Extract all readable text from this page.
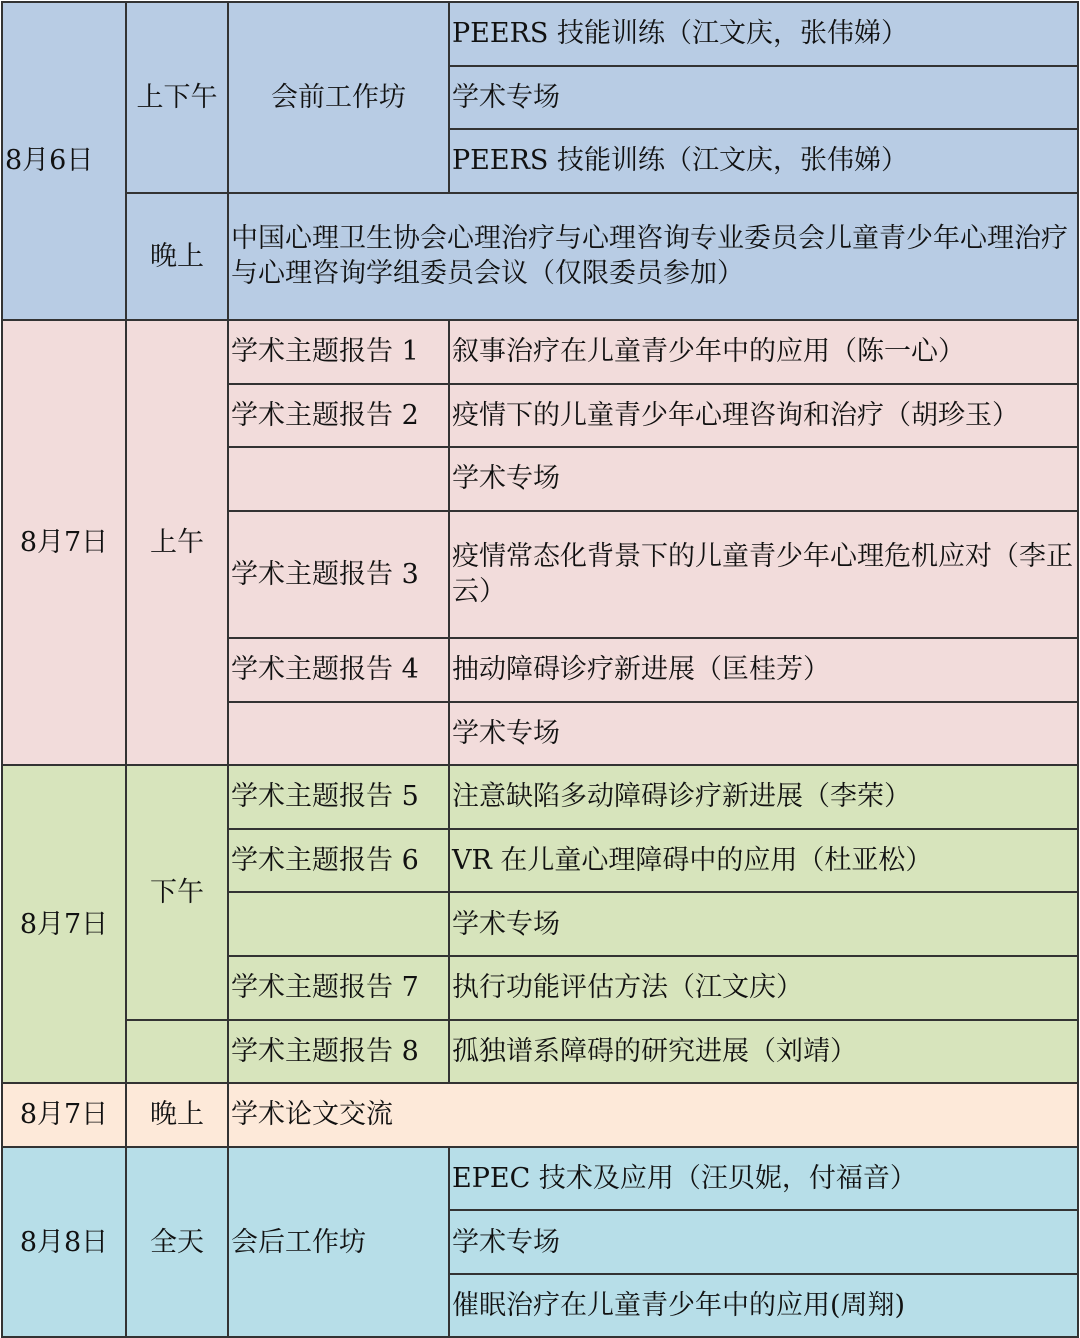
8月6日	上下午	会前工作坊	PEERS 技能训练（江文庆，张伟娣）
			学术专场
			PEERS 技能训练（江文庆，张伟娣）
	晚上	中国心理卫生协会心理治疗与心理咨询专业委员会儿童青少年心理治疗与心理咨询学组委员会议（仅限委员参加）	

8月7日	上午	学术主题报告 1	叙事治疗在儿童青少年中的应用（陈一心）
		学术主题报告 2	疫情下的儿童青少年心理咨询和治疗（胡珍玉）
			学术专场
		学术主题报告 3	疫情常态化背景下的儿童青少年心理危机应对（李正云）

		学术主题报告 4	抽动障碍诊疗新进展（匡桂芳）
			学术专场
8月7日	下午	学术主题报告 5	注意缺陷多动障碍诊疗新进展（李荣）
		学术主题报告 6	VR 在儿童心理障碍中的应用（杜亚松）
			学术专场
		学术主题报告 7	执行功能评估方法（江文庆）
		学术主题报告 8	孤独谱系障碍的研究进展（刘靖）
8月7日	晚上	学术论文交流	
8月8日	全天	会后工作坊	EPEC 技术及应用（汪贝妮，付福音）
			学术专场
			催眠治疗在儿童青少年中的应用(周翔)
